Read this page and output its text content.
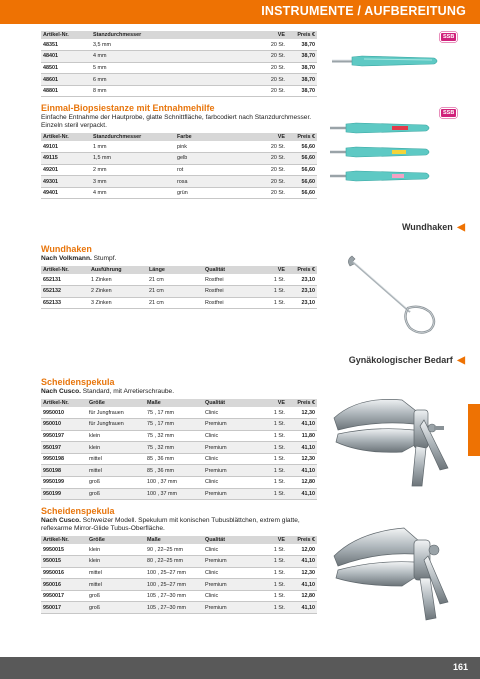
INSTRUMENTE / AUFBEREITUNG
Artikel-Nr.	Stanzdurchmesser	VE	Preis €
48351	3,5 mm	20 St.	38,70
48401	4 mm	20 St.	38,70
48501	5 mm	20 St.	38,70
48601	6 mm	20 St.	38,70
48801	8 mm	20 St.	38,70
SSB
Einmal-Biopsiestanze mit Entnahmehilfe
Einfache Entnahme der Hautprobe, glatte Schnittfläche, farbcodiert nach Stanzdurchmesser. Einzeln steril verpackt.
Artikel-Nr.	Stanzdurchmesser	Farbe	VE	Preis €
49101	1 mm	pink	20 St.	56,60
49115	1,5 mm	gelb	20 St.	56,60
49201	2 mm	rot	20 St.	56,60
49301	3 mm	rosa	20 St.	56,60
49401	4 mm	grün	20 St.	56,60
SSB
Wundhaken ◀
Wundhaken
Nach Volkmann. Stumpf.
Artikel-Nr.	Ausführung	Länge	Qualität	VE	Preis €
652131	1 Zinken	21 cm	Rostfrei	1 St.	23,10
652132	2 Zinken	21 cm	Rostfrei	1 St.	23,10
652133	3 Zinken	21 cm	Rostfrei	1 St.	23,10
Gynäkologischer Bedarf ◀
Scheidenspekula
Nach Cusco. Standard, mit Arretierschraube.
Artikel-Nr.	Größe	Maße	Qualität	VE	Preis €
9950010	für Jungfrauen	75 , 17 mm	Clinic	1 St.	12,30
950010	für Jungfrauen	75 , 17 mm	Premium	1 St.	41,10
9950197	klein	75 , 32 mm	Clinic	1 St.	11,80
950197	klein	75 , 32 mm	Premium	1 St.	41,10
9950198	mittel	85 , 36 mm	Clinic	1 St.	12,30
950198	mittel	85 , 36 mm	Premium	1 St.	41,10
9950199	groß	100 , 37 mm	Clinic	1 St.	12,80
950199	groß	100 , 37 mm	Premium	1 St.	41,10
Scheidenspekula
Nach Cusco. Schweizer Modell. Spekulum mit konischen Tubusblättchen, extrem glatte, reflexarme Mirror-Glide Tubus-Oberfläche.
Artikel-Nr.	Größe	Maße	Qualität	VE	Preis €
9950015	klein	90 , 22–25 mm	Clinic	1 St.	12,00
950015	klein	80 , 22–25 mm	Premium	1 St.	41,10
9950016	mittel	100 , 25–27 mm	Clinic	1 St.	12,30
950016	mittel	100 , 25–27 mm	Premium	1 St.	41,10
9950017	groß	105 , 27–30 mm	Clinic	1 St.	12,80
950017	groß	105 , 27–30 mm	Premium	1 St.	41,10
161
